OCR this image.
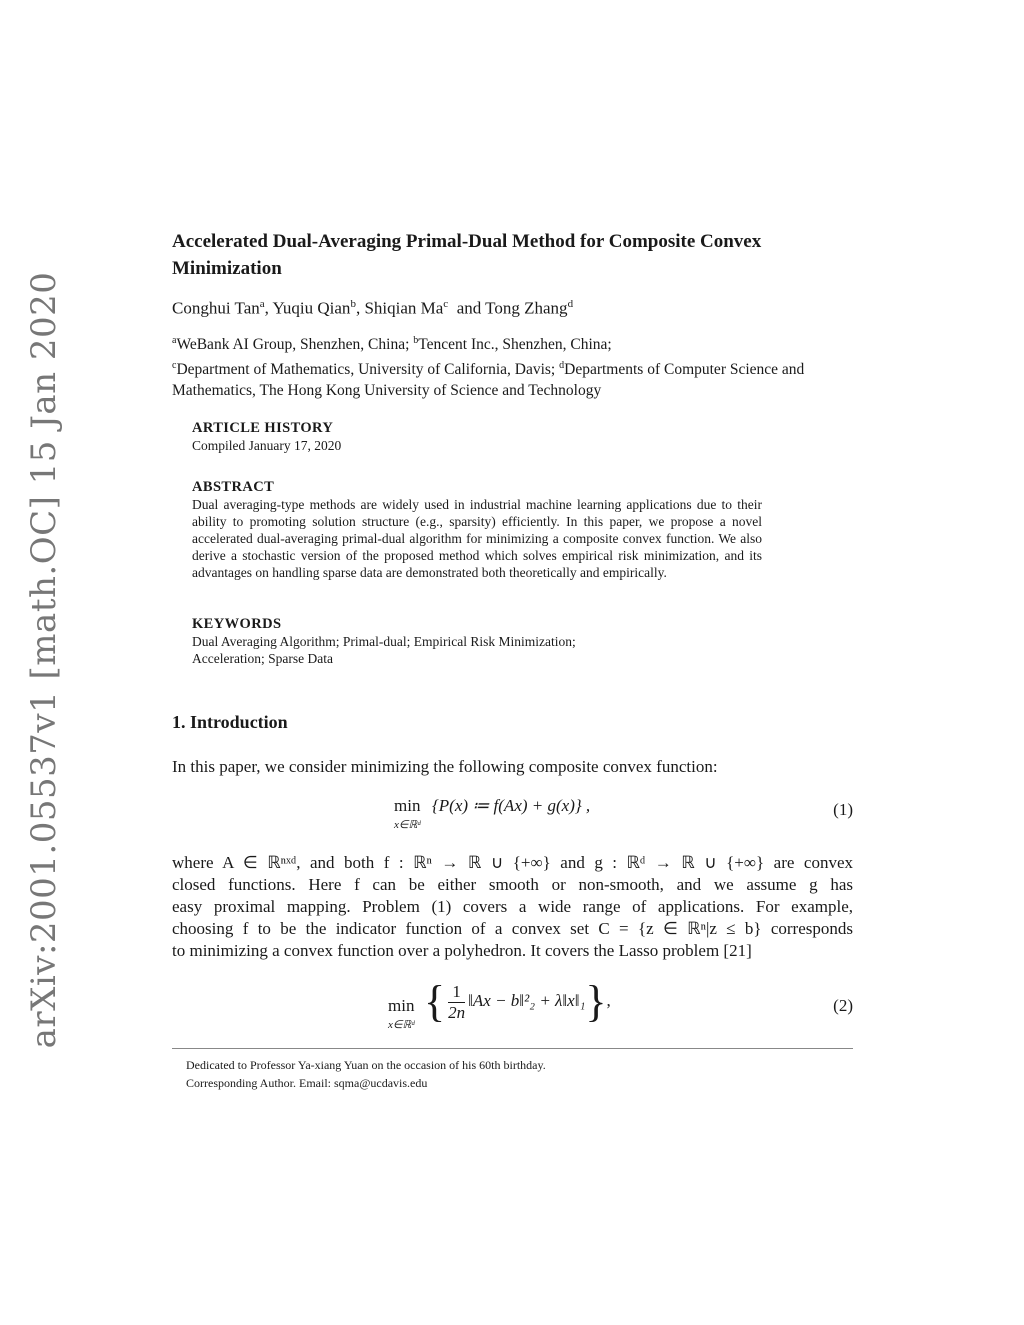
arXiv:2001.05537v1 [math.OC] 15 Jan 2020
Accelerated Dual-Averaging Primal-Dual Method for Composite Convex Minimization
Conghui Tan$^a$, Yuqiu Qian$^b$, Shiqian Ma$^c$ and Tong Zhang$^d$
$^a$WeBank AI Group, Shenzhen, China; $^b$Tencent Inc., Shenzhen, China;
$^c$Department of Mathematics, University of California, Davis; $^d$Departments of Computer Science and Mathematics, The Hong Kong University of Science and Technology
ARTICLE HISTORY

Compiled January 17, 2020

ABSTRACT

Dual averaging-type methods are widely used in industrial machine learning applications due to their ability to promoting solution structure (e.g., sparsity) efficiently. In this paper, we propose a novel accelerated dual-averaging primal-dual algorithm for minimizing a composite convex function. We also derive a stochastic version of the proposed method which solves empirical risk minimization, and its advantages on handling sparse data are demonstrated both theoretically and empirically.

KEYWORDS

Dual Averaging Algorithm; Primal-dual; Empirical Risk Minimization;

Acceleration; Sparse Data

1. Introduction
In this paper, we consider minimizing the following composite convex function:
min
x∈ℝᵈ
{P(x) ≔ f(Ax) + g(x)} ,	(1)
where A ∈ ℝⁿˣᵈ, and both f : ℝⁿ → ℝ ∪ {+∞} and g : ℝᵈ → ℝ ∪ {+∞} are convex
closed functions. Here f can be either smooth or non-smooth, and we assume g has
easy proximal mapping. Problem (1) covers a wide range of applications. For example,
choosing f to be the indicator function of a convex set C = {z ∈ ℝⁿ|z ≤ b} corresponds
to minimizing a convex function over a polyhedron. It covers the Lasso problem [21]
min
x∈ℝᵈ { $\frac{1}{2n}$ ‖Ax − b‖²₂ + λ‖x‖₁},	(2)
Dedicated to Professor Ya-xiang Yuan on the occasion of his 60th birthday.
Corresponding Author. Email: sqma@ucdavis.edu
